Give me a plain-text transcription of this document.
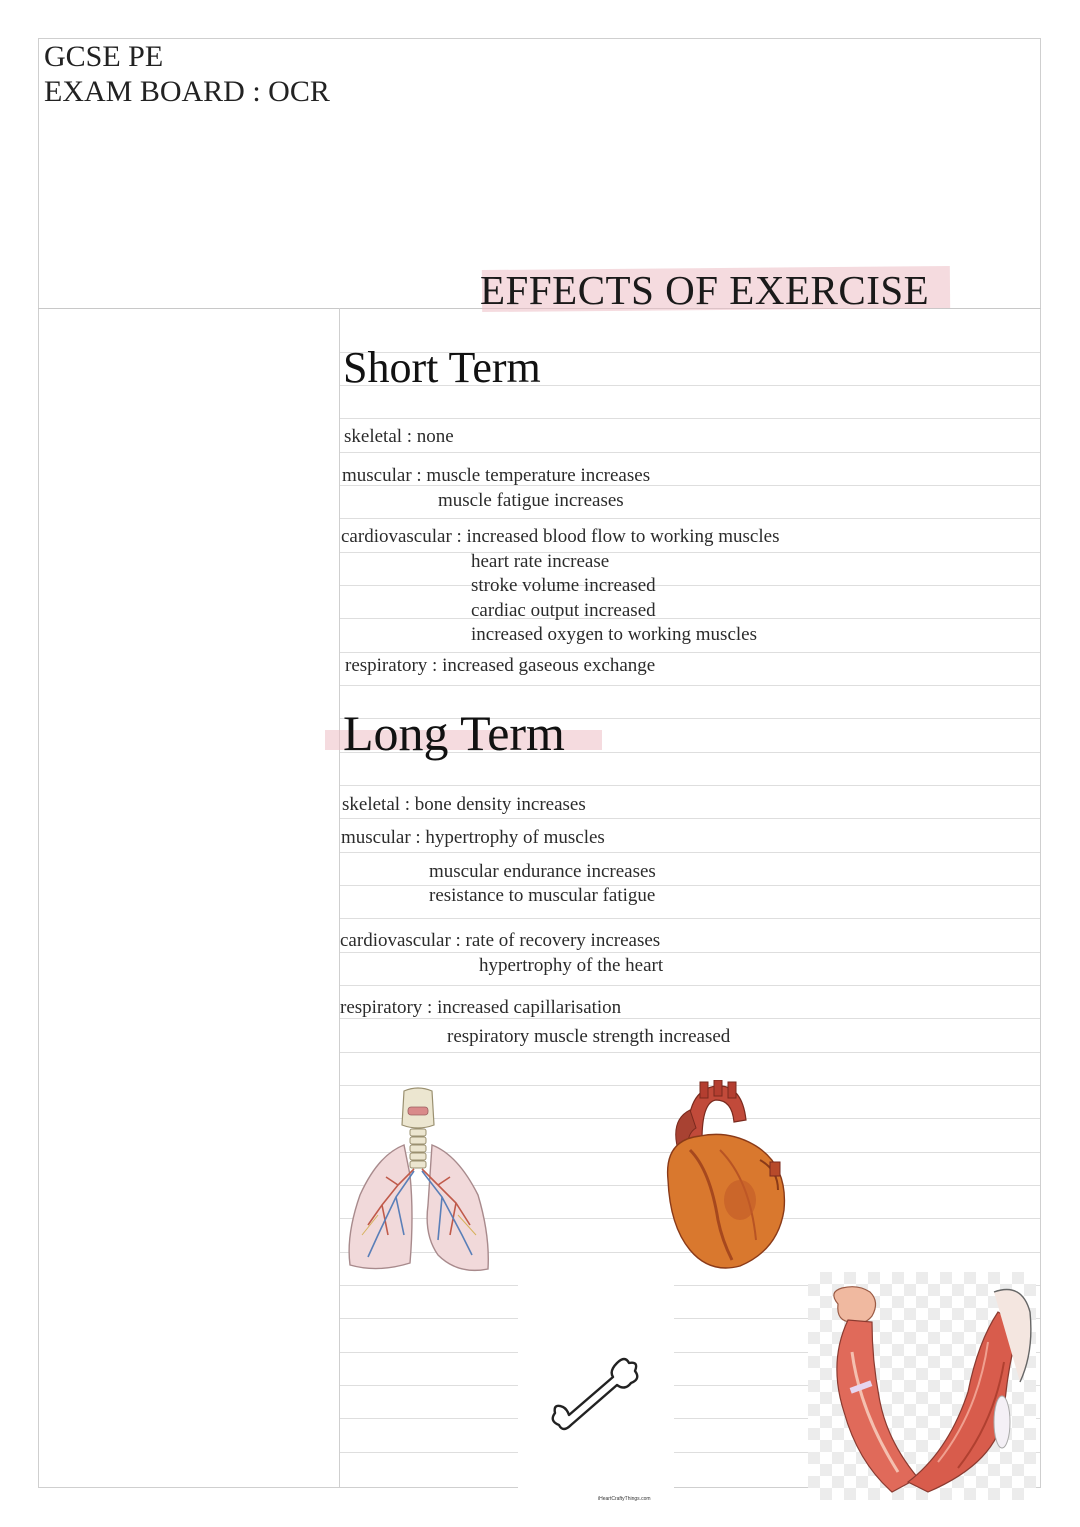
GCSE PE
EXAM BOARD : OCR
EFFECTS OF EXERCISE
Short Term
skeletal : none
muscular : muscle temperature increases
muscle fatigue increases
cardiovascular : increased blood flow to working muscles
heart rate increase
stroke volume increased
cardiac output increased
increased oxygen to working muscles
respiratory : increased gaseous exchange
Long Term
skeletal : bone density increases
muscular : hypertrophy of muscles
muscular endurance increases
resistance to muscular fatigue
cardiovascular : rate of recovery increases
hypertrophy of the heart
respiratory : increased capillarisation
respiratory muscle strength increased
iHeartCraftyThings.com
